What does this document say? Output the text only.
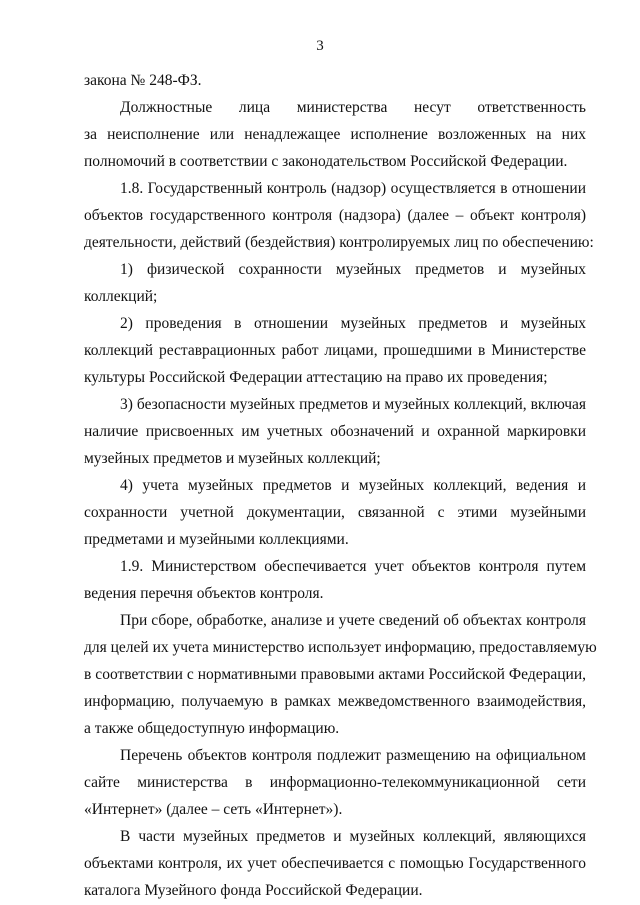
3
закона № 248-ФЗ.
Должностные лица министерства несут ответственность
за неисполнение или ненадлежащее исполнение возложенных на них
полномочий в соответствии с законодательством Российской Федерации.
1.8. Государственный контроль (надзор) осуществляется в отношении
объектов государственного контроля (надзора) (далее – объект контроля)
деятельности, действий (бездействия) контролируемых лиц по обеспечению:
1) физической сохранности музейных предметов и музейных
коллекций;
2) проведения в отношении музейных предметов и музейных
коллекций реставрационных работ лицами, прошедшими в Министерстве
культуры Российской Федерации аттестацию на право их проведения;
3) безопасности музейных предметов и музейных коллекций, включая
наличие присвоенных им учетных обозначений и охранной маркировки
музейных предметов и музейных коллекций;
4) учета музейных предметов и музейных коллекций, ведения и
сохранности учетной документации, связанной с этими музейными
предметами и музейными коллекциями.
1.9. Министерством обеспечивается учет объектов контроля путем
ведения перечня объектов контроля.
При сборе, обработке, анализе и учете сведений об объектах контроля
для целей их учета министерство использует информацию, предоставляемую
в соответствии с нормативными правовыми актами Российской Федерации,
информацию, получаемую в рамках межведомственного взаимодействия,
а также общедоступную информацию.
Перечень объектов контроля подлежит размещению на официальном
сайте министерства в информационно-телекоммуникационной сети
«Интернет» (далее – сеть «Интернет»).
В части музейных предметов и музейных коллекций, являющихся
объектами контроля, их учет обеспечивается с помощью Государственного
каталога Музейного фонда Российской Федерации.
